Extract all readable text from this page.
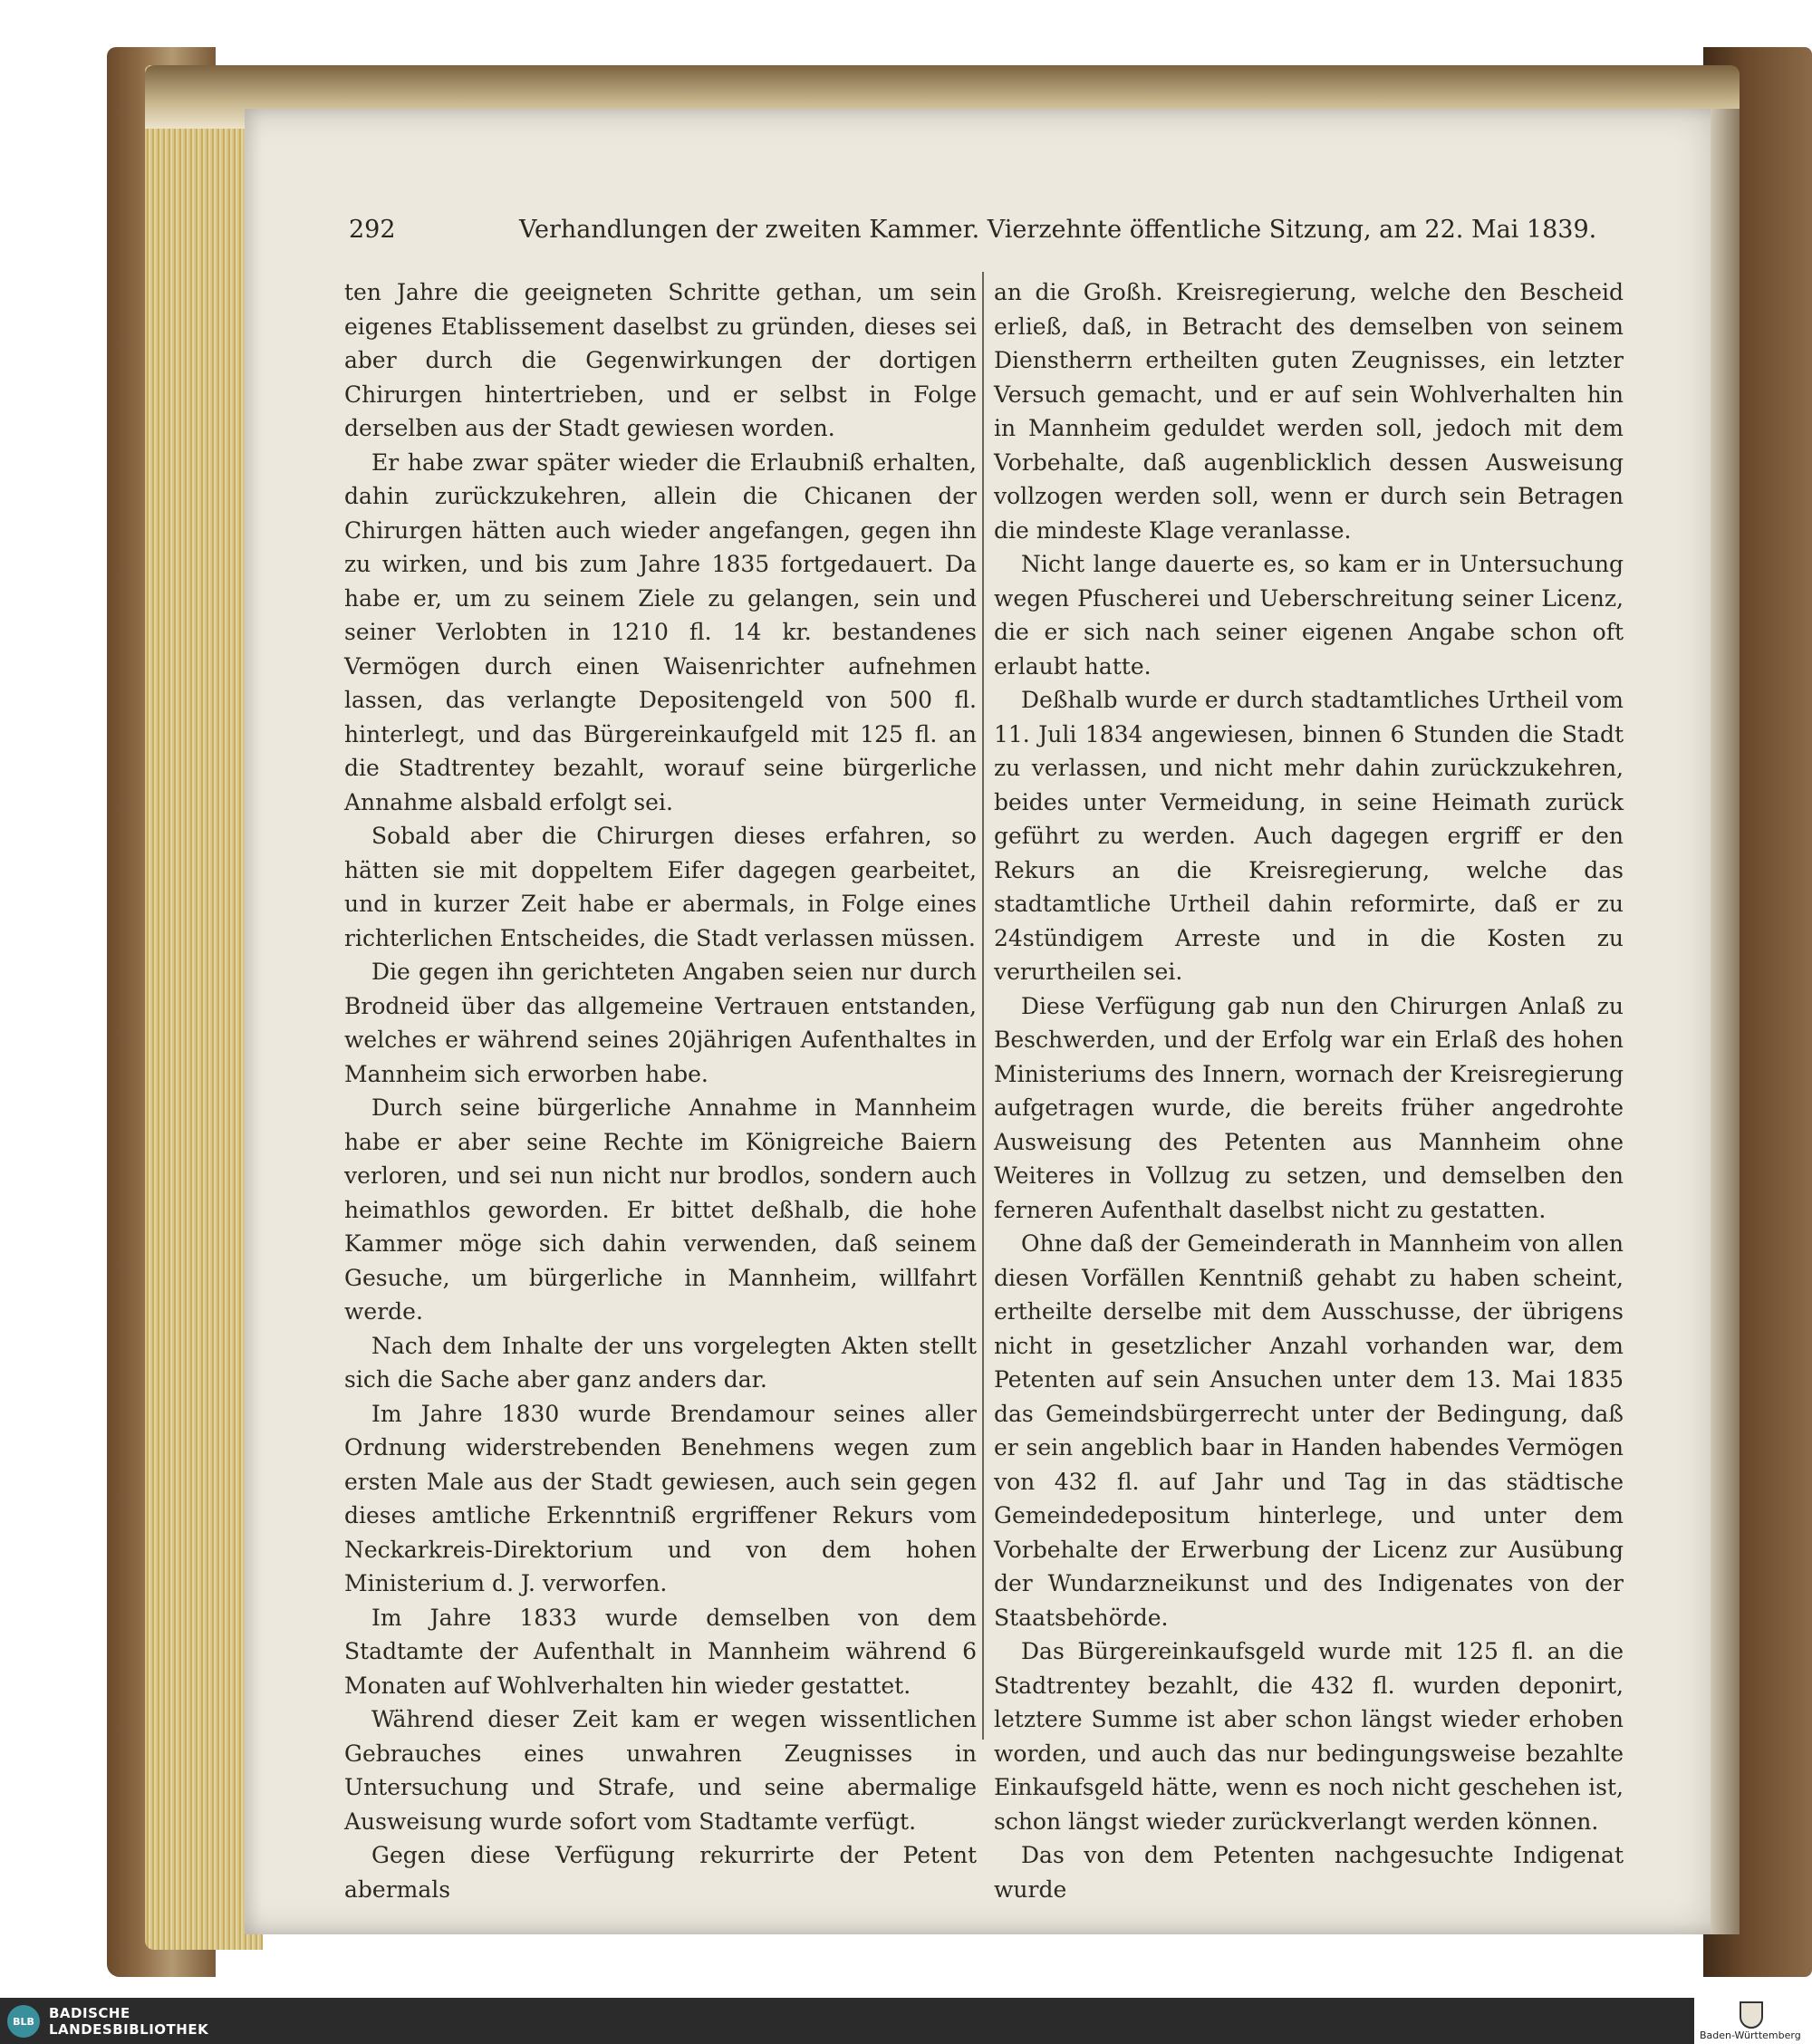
292	Verhandlungen der zweiten Kammer. Vierzehnte öffentliche Sitzung, am 22. Mai 1839.

ten Jahre die geeigneten Schritte gethan, um sein eigenes Etablissement daselbst zu gründen, dieses sei aber durch die Gegenwirkungen der dortigen Chirurgen hintertrieben, und er selbst in Folge derselben aus der Stadt gewiesen worden.

Er habe zwar später wieder die Erlaubniß erhalten, dahin zurückzukehren, allein die Chicanen der Chirurgen hätten auch wieder angefangen, gegen ihn zu wirken, und bis zum Jahre 1835 fortgedauert. Da habe er, um zu seinem Ziele zu gelangen, sein und seiner Verlobten in 1210 fl. 14 kr. bestandenes Vermögen durch einen Waisenrichter aufnehmen lassen, das verlangte Depositengeld von 500 fl. hinterlegt, und das Bürgereinkaufgeld mit 125 fl. an die Stadtrentey bezahlt, worauf seine bürgerliche Annahme alsbald erfolgt sei.

Sobald aber die Chirurgen dieses erfahren, so hätten sie mit doppeltem Eifer dagegen gearbeitet, und in kurzer Zeit habe er abermals, in Folge eines richterlichen Entscheides, die Stadt verlassen müssen.

Die gegen ihn gerichteten Angaben seien nur durch Brodneid über das allgemeine Vertrauen entstanden, welches er während seines 20jährigen Aufenthaltes in Mannheim sich erworben habe.

Durch seine bürgerliche Annahme in Mannheim habe er aber seine Rechte im Königreiche Baiern verloren, und sei nun nicht nur brodlos, sondern auch heimathlos geworden. Er bittet deßhalb, die hohe Kammer möge sich dahin verwenden, daß seinem Gesuche, um bürgerliche in Mannheim, willfahrt werde.

Nach dem Inhalte der uns vorgelegten Akten stellt sich die Sache aber ganz anders dar.

Im Jahre 1830 wurde Brendamour seines aller Ordnung widerstrebenden Benehmens wegen zum ersten Male aus der Stadt gewiesen, auch sein gegen dieses amtliche Erkenntniß ergriffener Rekurs vom Neckarkreis-Direktorium und von dem hohen Ministerium d. J. verworfen.

Im Jahre 1833 wurde demselben von dem Stadtamte der Aufenthalt in Mannheim während 6 Monaten auf Wohlverhalten hin wieder gestattet.

Während dieser Zeit kam er wegen wissentlichen Gebrauches eines unwahren Zeugnisses in Untersuchung und Strafe, und seine abermalige Ausweisung wurde sofort vom Stadtamte verfügt.

Gegen diese Verfügung rekurrirte der Petent abermals

an die Großh. Kreisregierung, welche den Bescheid erließ, daß, in Betracht des demselben von seinem Dienstherrn ertheilten guten Zeugnisses, ein letzter Versuch gemacht, und er auf sein Wohlverhalten hin in Mannheim geduldet werden soll, jedoch mit dem Vorbehalte, daß augenblicklich dessen Ausweisung vollzogen werden soll, wenn er durch sein Betragen die mindeste Klage veranlasse.

Nicht lange dauerte es, so kam er in Untersuchung wegen Pfuscherei und Ueberschreitung seiner Licenz, die er sich nach seiner eigenen Angabe schon oft erlaubt hatte.

Deßhalb wurde er durch stadtamtliches Urtheil vom 11. Juli 1834 angewiesen, binnen 6 Stunden die Stadt zu verlassen, und nicht mehr dahin zurückzukehren, beides unter Vermeidung, in seine Heimath zurück geführt zu werden. Auch dagegen ergriff er den Rekurs an die Kreisregierung, welche das stadtamtliche Urtheil dahin reformirte, daß er zu 24stündigem Arreste und in die Kosten zu verurtheilen sei.

Diese Verfügung gab nun den Chirurgen Anlaß zu Beschwerden, und der Erfolg war ein Erlaß des hohen Ministeriums des Innern, wornach der Kreisregierung aufgetragen wurde, die bereits früher angedrohte Ausweisung des Petenten aus Mannheim ohne Weiteres in Vollzug zu setzen, und demselben den ferneren Aufenthalt daselbst nicht zu gestatten.

Ohne daß der Gemeinderath in Mannheim von allen diesen Vorfällen Kenntniß gehabt zu haben scheint, ertheilte derselbe mit dem Ausschusse, der übrigens nicht in gesetzlicher Anzahl vorhanden war, dem Petenten auf sein Ansuchen unter dem 13. Mai 1835 das Gemeindsbürgerrecht unter der Bedingung, daß er sein angeblich baar in Handen habendes Vermögen von 432 fl. auf Jahr und Tag in das städtische Gemeindedepositum hinterlege, und unter dem Vorbehalte der Erwerbung der Licenz zur Ausübung der Wundarzneikunst und des Indigenates von der Staatsbehörde.

Das Bürgereinkaufsgeld wurde mit 125 fl. an die Stadtrentey bezahlt, die 432 fl. wurden deponirt, letztere Summe ist aber schon längst wieder erhoben worden, und auch das nur bedingungsweise bezahlte Einkaufsgeld hätte, wenn es noch nicht geschehen ist, schon längst wieder zurückverlangt werden können.

Das von dem Petenten nachgesuchte Indigenat wurde

BLB	BADISCHE
LANDESBIBLIOTHEK	Baden-Württemberg
